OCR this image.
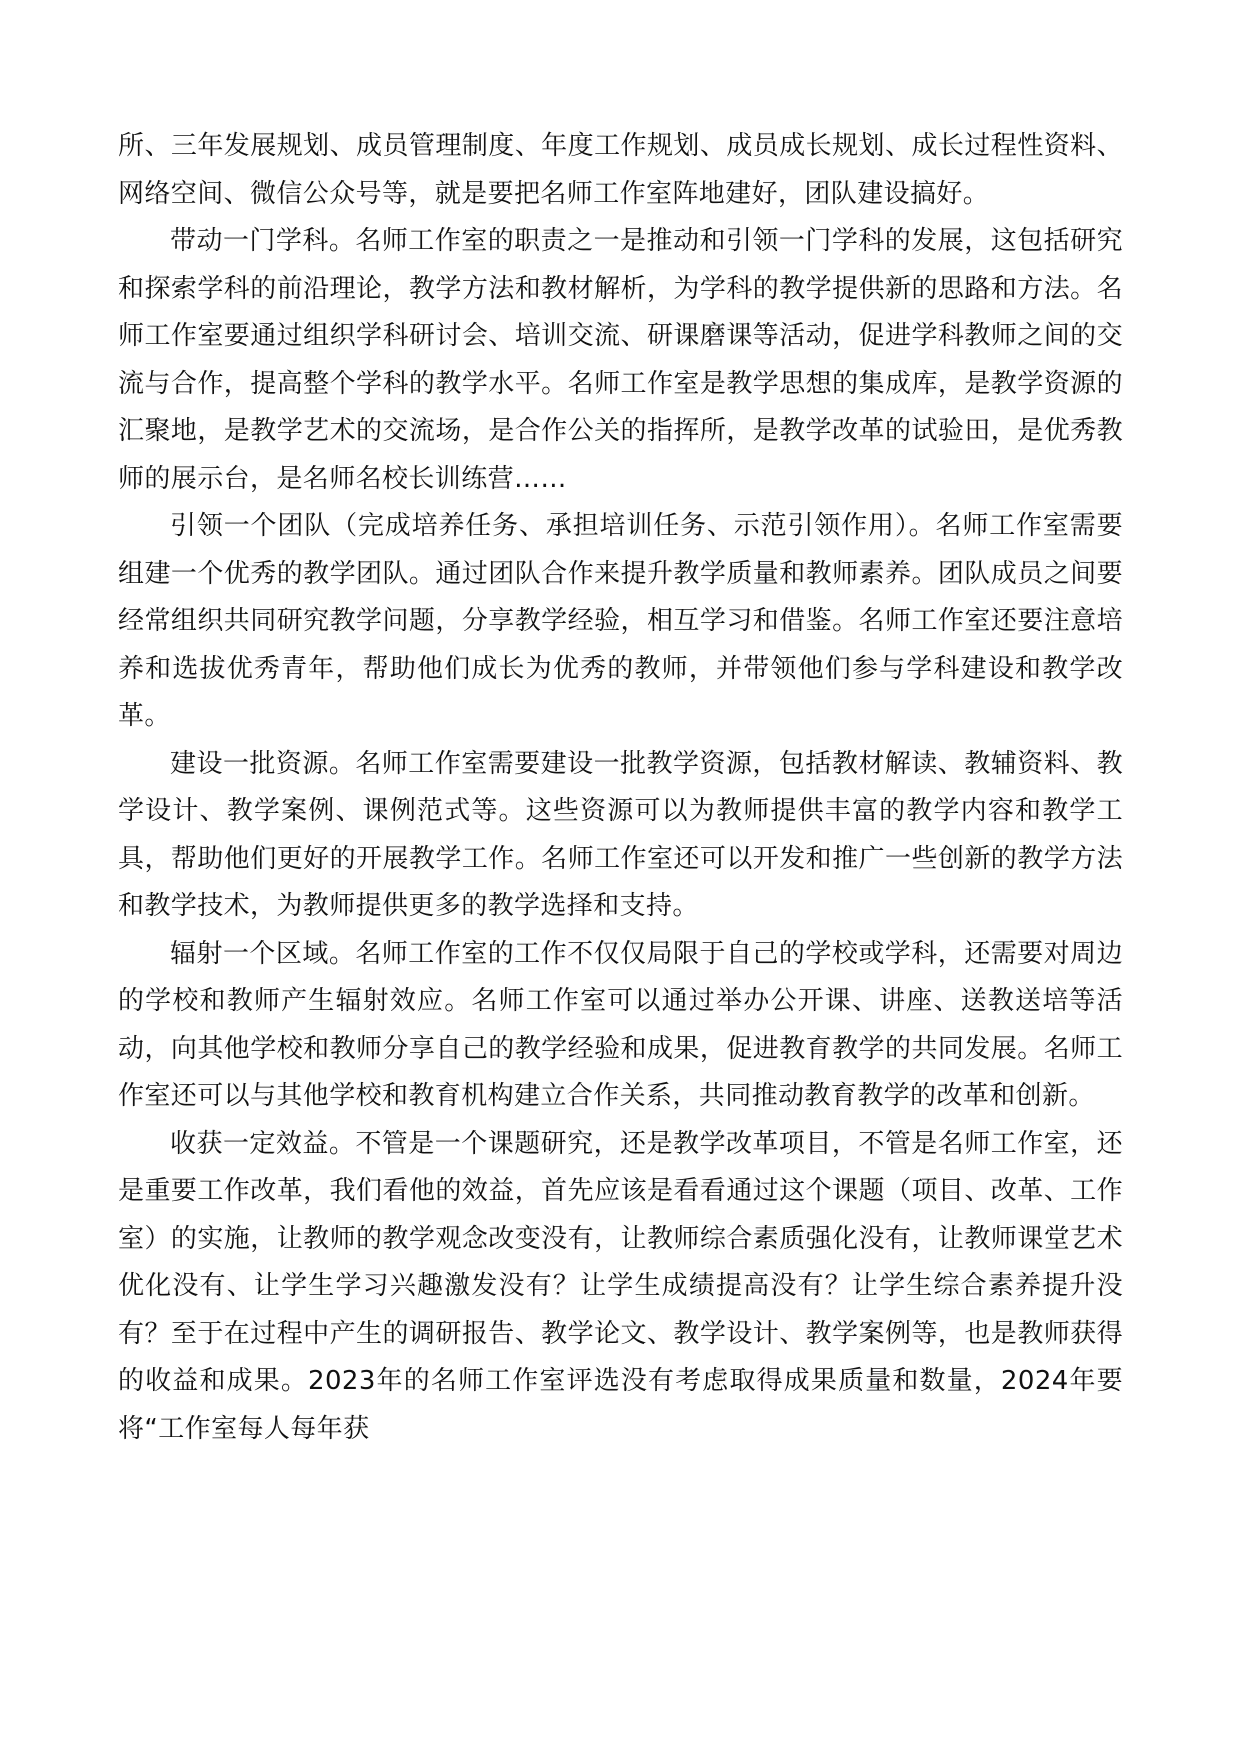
所、三年发展规划、成员管理制度、年度工作规划、成员成长规划、成长过程性资料、网络空间、微信公众号等，就是要把名师工作室阵地建好，团队建设搞好。

带动一门学科。名师工作室的职责之一是推动和引领一门学科的发展，这包括研究和探索学科的前沿理论，教学方法和教材解析，为学科的教学提供新的思路和方法。名师工作室要通过组织学科研讨会、培训交流、研课磨课等活动，促进学科教师之间的交流与合作，提高整个学科的教学水平。名师工作室是教学思想的集成库，是教学资源的汇聚地，是教学艺术的交流场，是合作公关的指挥所，是教学改革的试验田，是优秀教师的展示台，是名师名校长训练营……

引领一个团队（完成培养任务、承担培训任务、示范引领作用）。名师工作室需要组建一个优秀的教学团队。通过团队合作来提升教学质量和教师素养。团队成员之间要经常组织共同研究教学问题，分享教学经验，相互学习和借鉴。名师工作室还要注意培养和选拔优秀青年，帮助他们成长为优秀的教师，并带领他们参与学科建设和教学改革。

建设一批资源。名师工作室需要建设一批教学资源，包括教材解读、教辅资料、教学设计、教学案例、课例范式等。这些资源可以为教师提供丰富的教学内容和教学工具，帮助他们更好的开展教学工作。名师工作室还可以开发和推广一些创新的教学方法和教学技术，为教师提供更多的教学选择和支持。

辐射一个区域。名师工作室的工作不仅仅局限于自己的学校或学科，还需要对周边的学校和教师产生辐射效应。名师工作室可以通过举办公开课、讲座、送教送培等活动，向其他学校和教师分享自己的教学经验和成果，促进教育教学的共同发展。名师工作室还可以与其他学校和教育机构建立合作关系，共同推动教育教学的改革和创新。

收获一定效益。不管是一个课题研究，还是教学改革项目，不管是名师工作室，还是重要工作改革，我们看他的效益，首先应该是看看通过这个课题（项目、改革、工作室）的实施，让教师的教学观念改变没有，让教师综合素质强化没有，让教师课堂艺术优化没有、让学生学习兴趣激发没有？让学生成绩提高没有？让学生综合素养提升没有？至于在过程中产生的调研报告、教学论文、教学设计、教学案例等，也是教师获得的收益和成果。2023年的名师工作室评选没有考虑取得成果质量和数量，2024年要将“工作室每人每年获
